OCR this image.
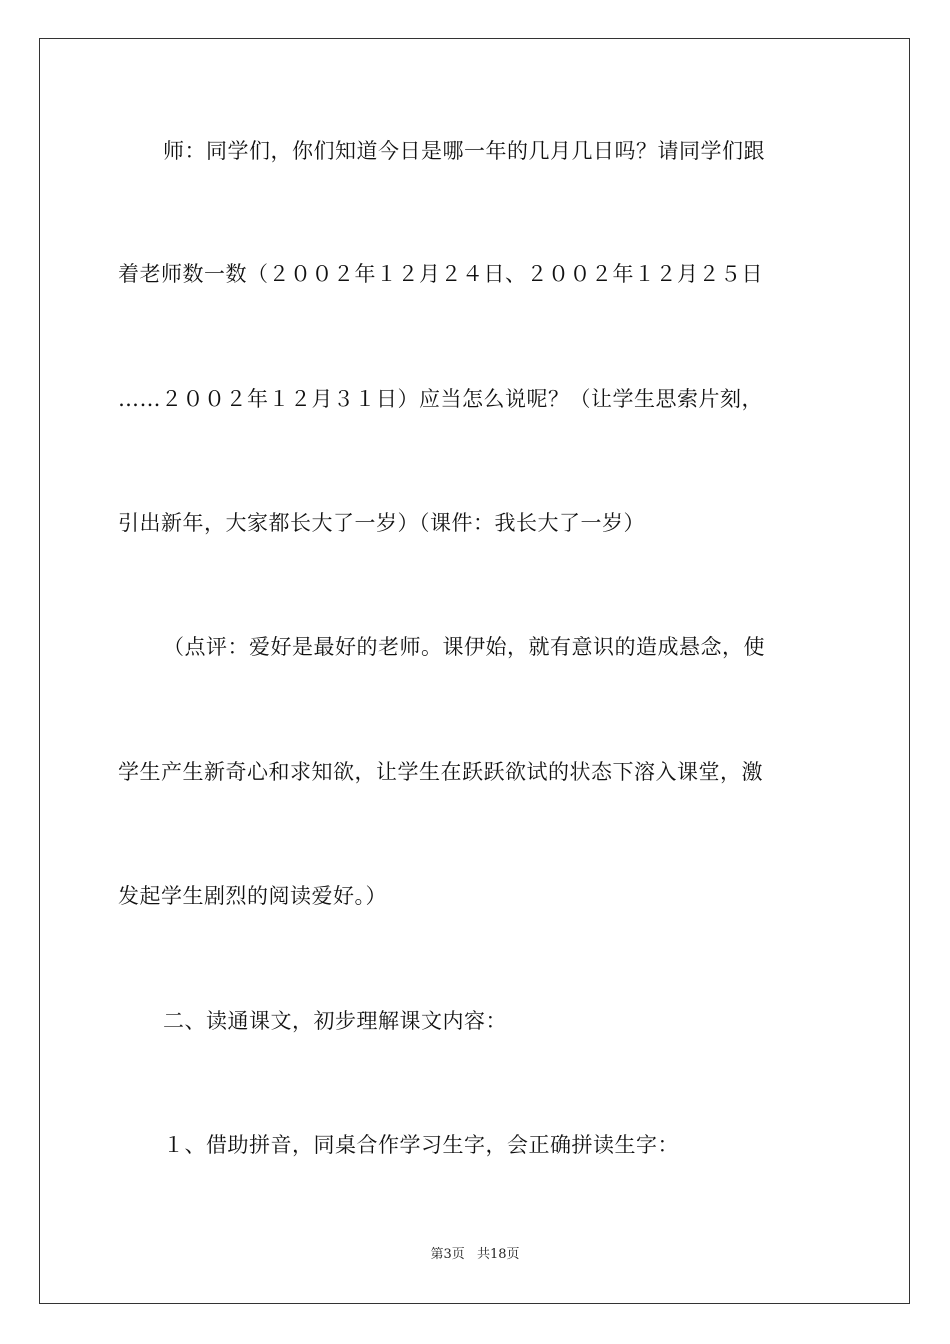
师：同学们，你们知道今日是哪一年的几月几日吗？请同学们跟
着老师数一数（２００２年１２月２４日、２００２年１２月２５日
……２００２年１２月３１日）应当怎么说呢？（让学生思索片刻，
引出新年，大家都长大了一岁）（课件：我长大了一岁）
（点评：爱好是最好的老师。课伊始，就有意识的造成悬念，使
学生产生新奇心和求知欲，让学生在跃跃欲试的状态下溶入课堂，激
发起学生剧烈的阅读爱好。）
二、读通课文，初步理解课文内容：
１、借助拼音，同桌合作学习生字，会正确拼读生字：
第3页 共18页
